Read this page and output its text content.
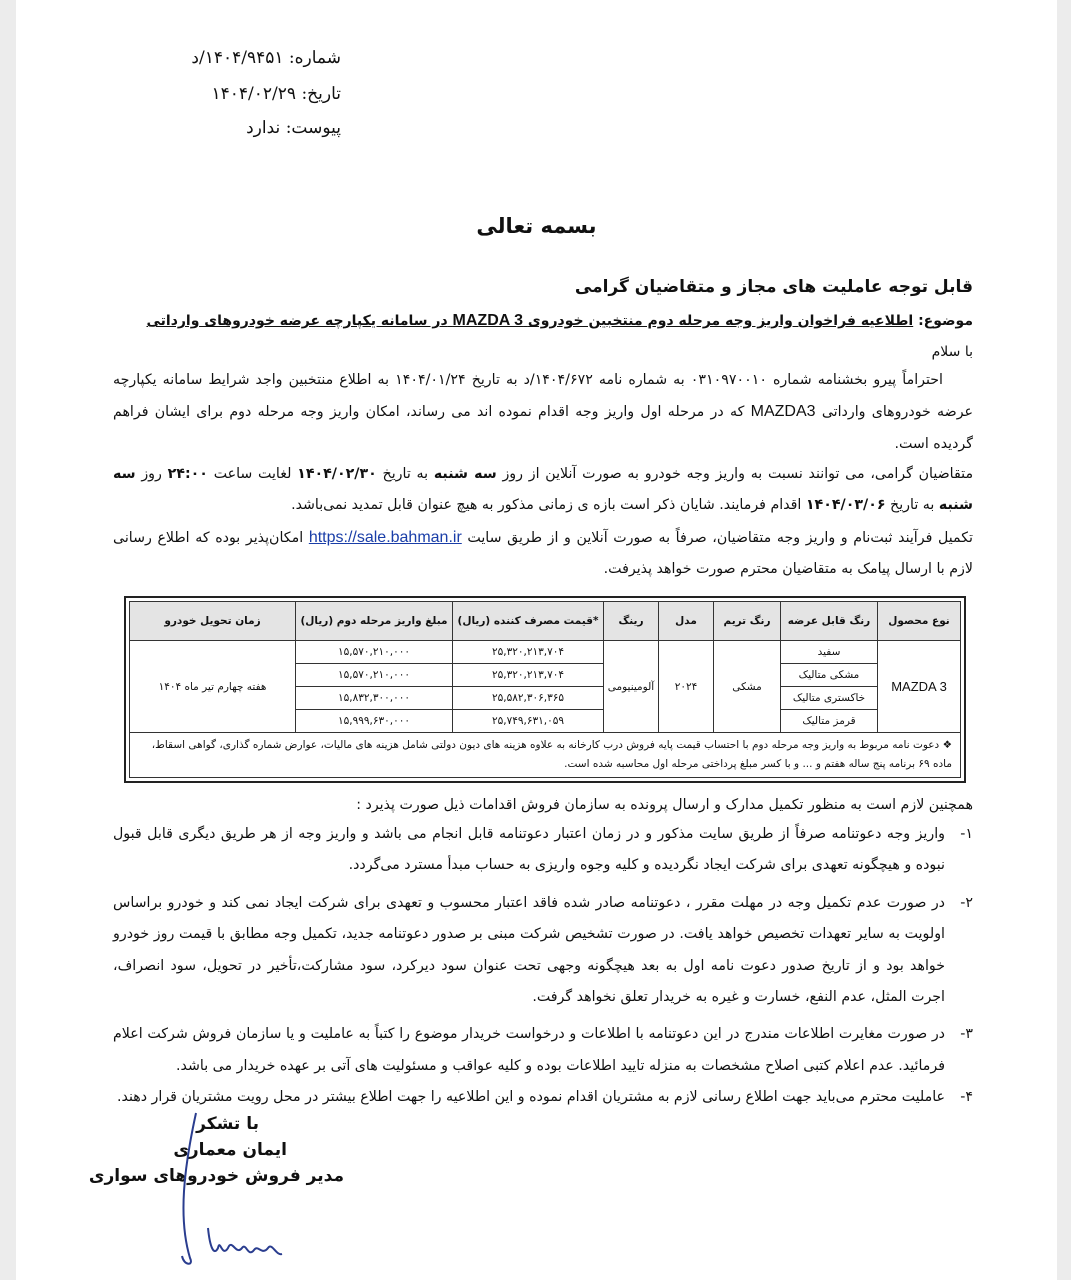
شماره: ۱۴۰۴/۹۴۵۱/د
تاریخ: ۱۴۰۴/۰۲/۲۹
پیوست: ندارد
بسمه تعالی
قابل توجه عاملیت های مجاز و متقاضیان گرامی
موضوع: اطلاعیه فراخوان واریز وجه مرحله دوم منتخبین خودروی MAZDA 3 در سامانه یکپارچه عرضه خودروهای وارداتی
با سلام
احتراماً پیرو بخشنامه شماره ۰۳۱۰۹۷۰۰۱۰ به شماره نامه ۱۴۰۴/۶۷۲/د به تاریخ ۱۴۰۴/۰۱/۲۴ به اطلاع منتخبین واجد شرایط سامانه یکپارچه عرضه خودروهای وارداتی MAZDA3 که در مرحله اول واریز وجه اقدام نموده اند می رساند، امکان واریز وجه مرحله دوم برای ایشان فراهم گردیده است.
متقاضیان گرامی، می توانند نسبت به واریز وجه خودرو به صورت آنلاین از روز سه شنبه به تاریخ ۱۴۰۴/۰۲/۳۰ لغایت ساعت ۲۴:۰۰ روز سه شنبه به تاریخ ۱۴۰۴/۰۳/۰۶ اقدام فرمایند. شایان ذکر است بازه ی زمانی مذکور به هیچ عنوان قابل تمدید نمی‌باشد.
تکمیل فرآیند ثبت‌نام و واریز وجه متقاضیان، صرفاً به صورت آنلاین و از طریق سایت https://sale.bahman.ir امکان‌پذیر بوده که اطلاع رسانی لازم با ارسال پیامک به متقاضیان محترم صورت خواهد پذیرفت.
نوع محصول	رنگ قابل عرضه	رنگ تریم	مدل	رینگ	*قیمت مصرف کننده (ریال)	مبلغ واریز مرحله دوم (ریال)	زمان تحویل خودرو
MAZDA 3	سفید	مشکی	۲۰۲۴	آلومینیومی	۲۵,۳۲۰,۲۱۳,۷۰۴	۱۵,۵۷۰,۲۱۰,۰۰۰	هفته چهارم تیر ماه ۱۴۰۴
	مشکی متالیک				۲۵,۳۲۰,۲۱۳,۷۰۴	۱۵,۵۷۰,۲۱۰,۰۰۰	
	خاکستری متالیک				۲۵,۵۸۲,۳۰۶,۳۶۵	۱۵,۸۳۲,۳۰۰,۰۰۰	
	قرمز متالیک				۲۵,۷۴۹,۶۳۱,۰۵۹	۱۵,۹۹۹,۶۳۰,۰۰۰	
❖ دعوت نامه مربوط به واریز وجه مرحله دوم با احتساب قیمت پایه فروش درب کارخانه به علاوه هزینه های دیون دولتی شامل هزینه های مالیات، عوارض شماره گذاری، گواهی اسقاط، ماده ۶۹ برنامه پنج ساله هفتم و ... و با کسر مبلغ پرداختی مرحله اول محاسبه شده است.							
همچنین لازم است به منظور تکمیل مدارک و ارسال پرونده به سازمان فروش اقدامات ذیل صورت پذیرد :
۱-
واریز وجه دعوتنامه صرفاً از طریق سایت مذکور و در زمان اعتبار دعوتنامه قابل انجام می باشد و واریز وجه از هر طریق دیگری قابل قبول نبوده و هیچگونه تعهدی برای شرکت ایجاد نگردیده و کلیه وجوه واریزی به حساب مبدأ مسترد می‌گردد.
۲-
در صورت عدم تکمیل وجه در مهلت مقرر ، دعوتنامه صادر شده فاقد اعتبار محسوب و تعهدی برای شرکت ایجاد نمی کند و خودرو براساس اولویت به سایر تعهدات تخصیص خواهد یافت. در صورت تشخیص شرکت مبنی بر صدور دعوتنامه جدید، تکمیل وجه مطابق با قیمت روز خودرو خواهد بود و از تاریخ صدور دعوت نامه اول به بعد هیچگونه وجهی تحت عنوان سود دیرکرد، سود مشارکت،تأخیر در تحویل، سود انصراف، اجرت المثل، عدم النفع، خسارت و غیره به خریدار تعلق نخواهد گرفت.
۳-
در صورت مغایرت اطلاعات مندرج در این دعوتنامه با اطلاعات و درخواست خریدار موضوع را کتباً به عاملیت و یا سازمان فروش شرکت اعلام فرمائید. عدم اعلام کتبی اصلاح مشخصات به منزله تایید اطلاعات بوده و کلیه عواقب و مسئولیت های آتی بر عهده خریدار می باشد.
۴-
عاملیت محترم می‌باید جهت اطلاع رسانی لازم به مشتریان اقدام نموده و این اطلاعیه را جهت اطلاع بیشتر در محل رویت مشتریان قرار دهند.
با تشکر
ایمان معماری
مدیر فروش خودروهای سواری
